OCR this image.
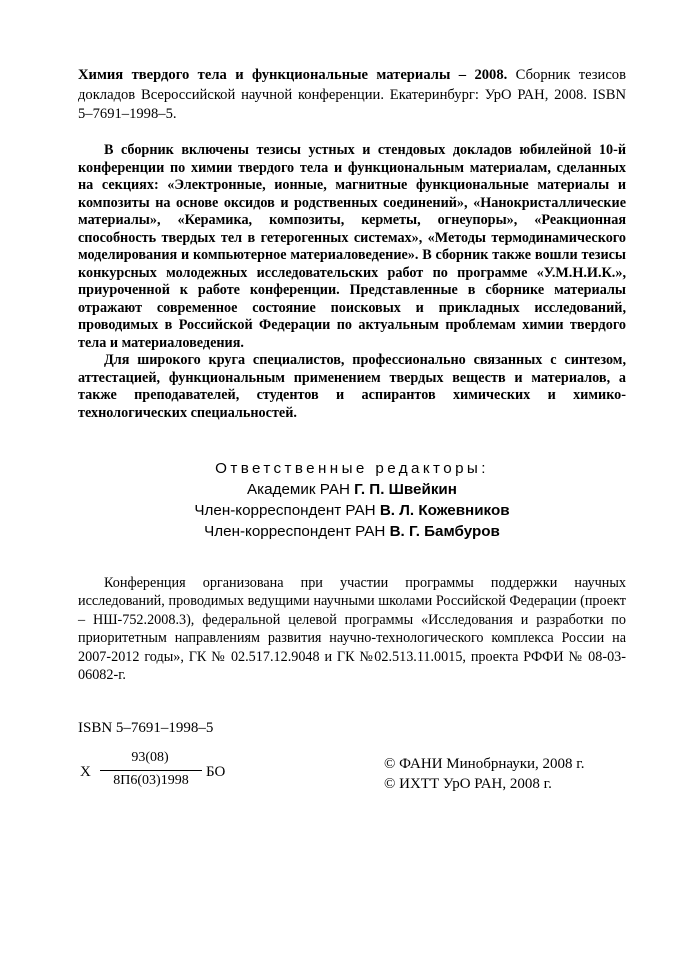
Химия твердого тела и функциональные материалы – 2008. Сборник тезисов докладов Всероссийской научной конференции. Екатеринбург: УрО РАН, 2008. ISBN 5–7691–1998–5.

В сборник включены тезисы устных и стендовых докладов юбилейной 10-й конференции по химии твердого тела и функциональным материалам, сделанных на секциях: «Электронные, ионные, магнитные функциональные материалы и композиты на основе оксидов и родственных соединений», «Нанокристаллические материалы», «Керамика, композиты, керметы, огнеупоры», «Реакционная способность твердых тел в гетерогенных системах», «Методы термодинамического моделирования и компьютерное материаловедение». В сборник также вошли тезисы конкурсных молодежных исследовательских работ по программе «У.М.Н.И.К.», приуроченной к работе конференции. Представленные в сборнике материалы отражают современное состояние поисковых и прикладных исследований, проводимых в Российской Федерации по актуальным проблемам химии твердого тела и материаловедения.

Для широкого круга специалистов, профессионально связанных с синтезом, аттестацией, функциональным применением твердых веществ и материалов, а также преподавателей, студентов и аспирантов химических и химико-технологических специальностей.

Ответственные редакторы:
Академик РАН Г. П. Швейкин
Член-корреспондент РАН В. Л. Кожевников
Член-корреспондент РАН В. Г. Бамбуров

Конференция организована при участии программы поддержки научных исследований, проводимых ведущими научными школами Российской Федерации (проект – НШ-752.2008.3), федеральной целевой программы «Исследования и разработки по приоритетным направлениям развития научно-технологического комплекса России на 2007-2012 годы», ГК № 02.517.12.9048 и ГК №02.513.11.0015, проекта РФФИ № 08-03-06082-г.

ISBN 5–7691–1998–5
Х
93(08)
8П6(03)1998
БО	© ФАНИ Минобрнауки, 2008 г.
© ИХТТ УрО РАН, 2008 г.
